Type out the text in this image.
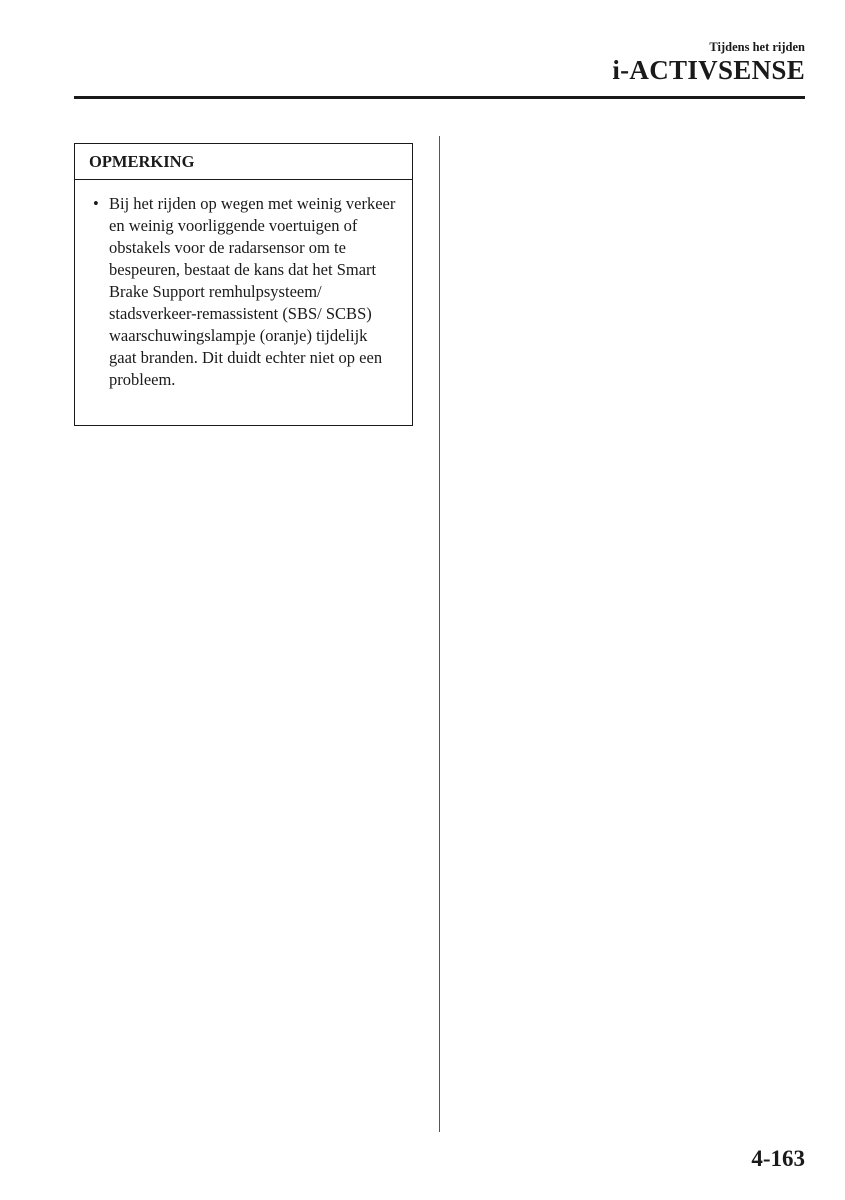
Tijdens het rijden
i-ACTIVSENSE
OPMERKING
• Bij het rijden op wegen met weinig verkeer en weinig voorliggende voertuigen of obstakels voor de radarsensor om te bespeuren, bestaat de kans dat het Smart Brake Support remhulpsysteem/ stadsverkeer-remassistent (SBS/ SCBS) waarschuwingslampje (oranje) tijdelijk gaat branden. Dit duidt echter niet op een probleem.
4-163
